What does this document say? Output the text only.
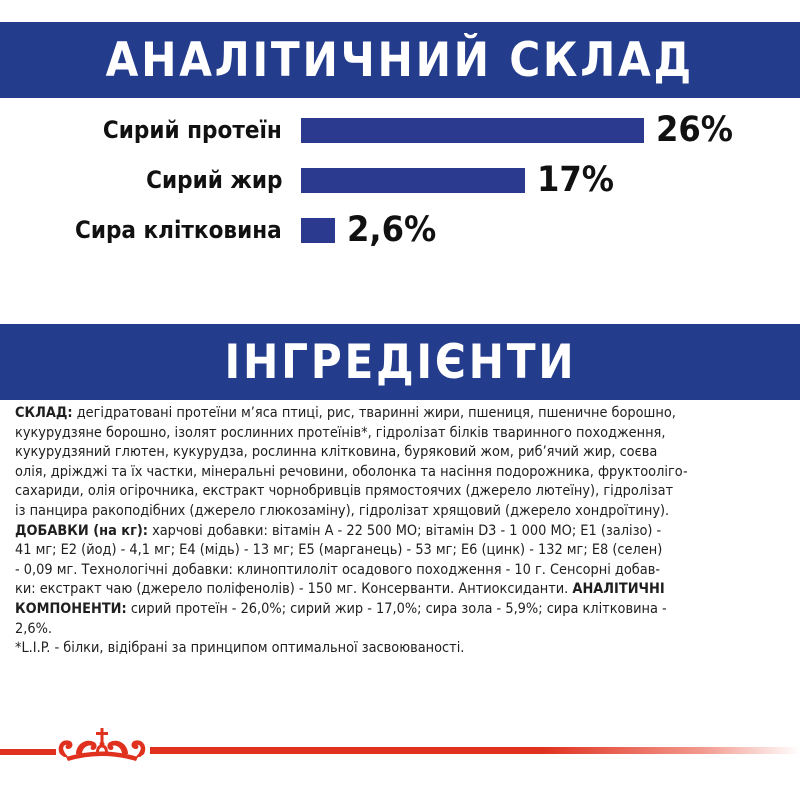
АНАЛІТИЧНИЙ СКЛАД
Сирий протеїн	26%
Сирий жир	17%
Сира клітковина 2,6%
ІНГРЕДІЄНТИ
СКЛАД: дегідратовані протеїни м’яса птиці, рис, тваринні жири, пшениця, пшеничне борошно,
кукурудзяне борошно, ізолят рослинних протеїнів*, гідролізат білків тваринного походження,
кукурудзяний глютен, кукурудза, рослинна клітковина, буряковий жом, риб’ячий жир, соєва
олія, дріжджі та їх частки, мінеральні речовини, оболонка та насіння подорожника, фруктоолігo-
сахариди, олія огірочника, екстракт чорнобривців прямостоячих (джерело лютеїну), гідролізат
із панцира ракоподібних (джерело глюкозаміну), гідролізат хрящовий (джерело хондроїтину).
ДОБАВКИ (на кг): харчові добавки: вітамін A - 22 500 МО; вітамін D3 - 1 000 МО; E1 (залізо) -
41 мг; E2 (йод) - 4,1 мг; E4 (мідь) - 13 мг; E5 (марганець) - 53 мг; E6 (цинк) - 132 мг; E8 (селен)
- 0,09 мг. Технологічні добавки: клиноптилоліт осадового походження - 10 г. Сенсорні добав-
ки: екстракт чаю (джерело поліфенолів) - 150 мг. Консерванти. Антиоксиданти. АНАЛІТИЧНІ
КОМПОНЕНТИ: сирий протеїн - 26,0%; сирий жир - 17,0%; сира зола - 5,9%; сира клітковина -
2,6%.
*L.I.P. - білки, відібрані за принципом оптимальної засвоюваності.
